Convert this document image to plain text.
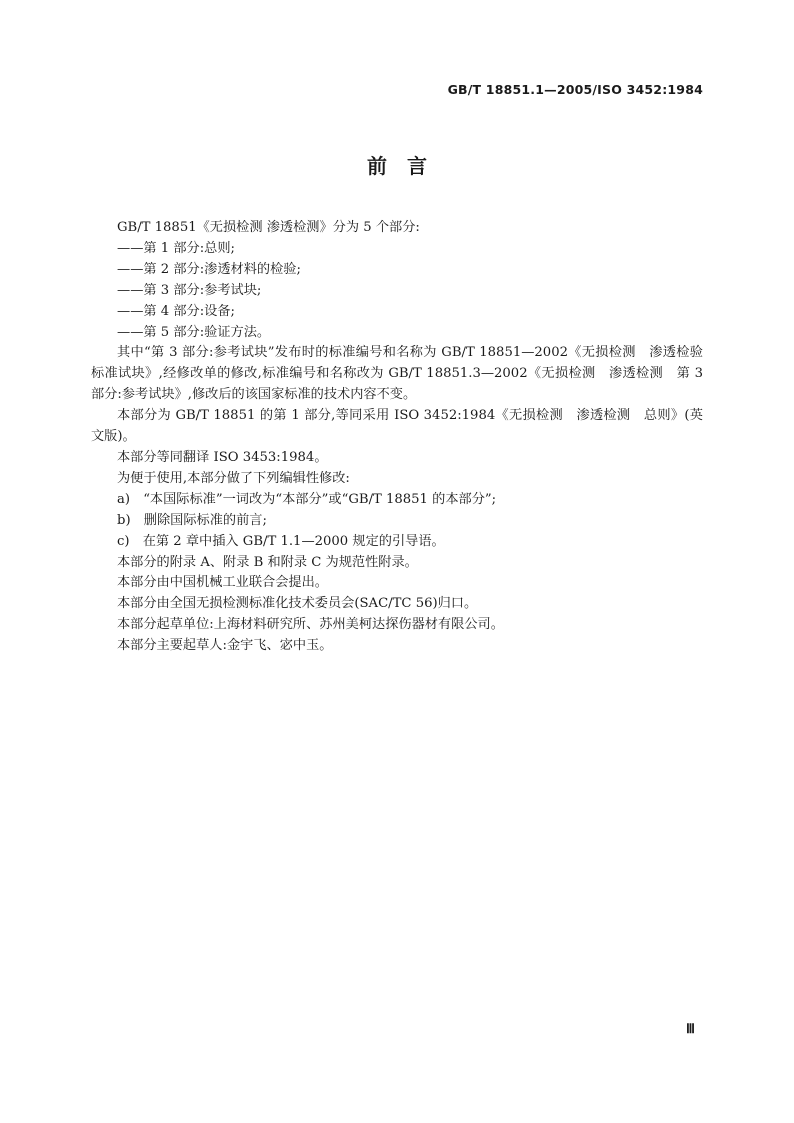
GB/T 18851.1—2005/ISO 3452:1984
前　言

GB/T 18851《无损检测 渗透检测》分为 5 个部分:

——第 1 部分:总则;

——第 2 部分:渗透材料的检验;

——第 3 部分:参考试块;

——第 4 部分:设备;

——第 5 部分:验证方法。

其中“第 3 部分:参考试块”发布时的标准编号和名称为 GB/T 18851—2002《无损检测　渗透检验　标准试块》,经修改单的修改,标准编号和名称改为 GB/T 18851.3—2002《无损检测　渗透检测　第 3 部分:参考试块》,修改后的该国家标准的技术内容不变。

本部分为 GB/T 18851 的第 1 部分,等同采用 ISO 3452:1984《无损检测　渗透检测　总则》(英文版)。

本部分等同翻译 ISO 3453:1984。

为便于使用,本部分做了下列编辑性修改:

a)　“本国际标准”一词改为“本部分”或“GB/T 18851 的本部分”;

b)　删除国际标准的前言;

c)　在第 2 章中插入 GB/T 1.1—2000 规定的引导语。

本部分的附录 A、附录 B 和附录 C 为规范性附录。

本部分由中国机械工业联合会提出。

本部分由全国无损检测标准化技术委员会(SAC/TC 56)归口。

本部分起草单位:上海材料研究所、苏州美柯达探伤器材有限公司。

本部分主要起草人:金宇飞、宓中玉。

Ⅲ
